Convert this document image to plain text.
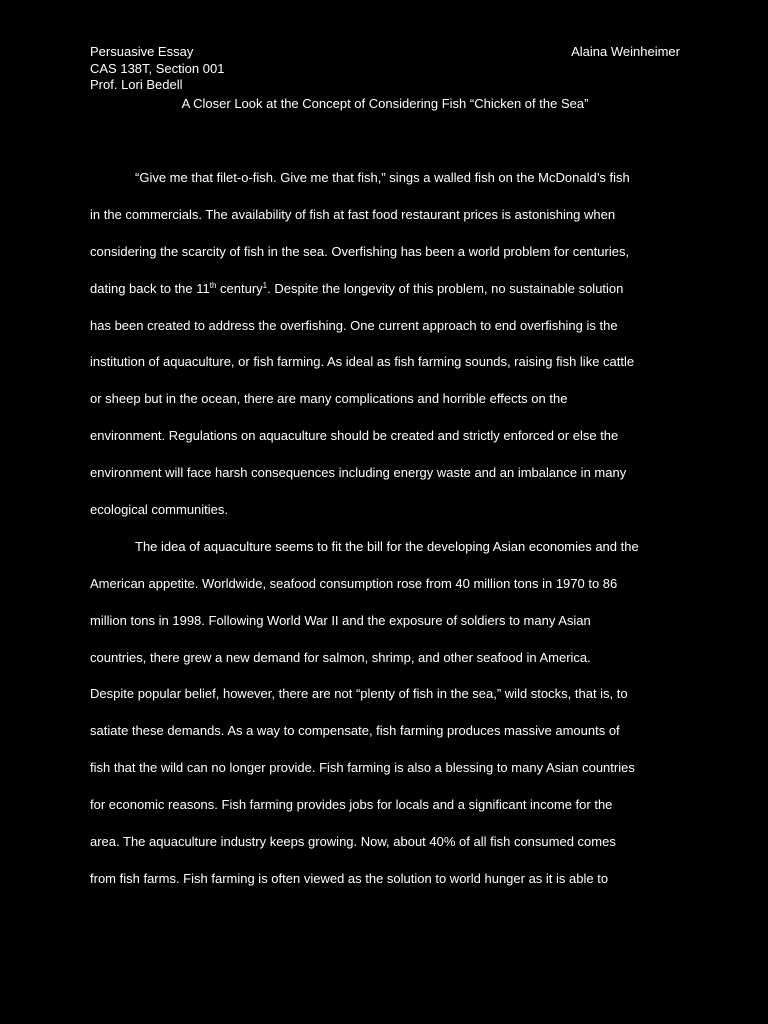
Persuasive Essay
CAS 138T, Section 001
Prof. Lori Bedell
Alaina Weinheimer
A Closer Look at the Concept of Considering Fish “Chicken of the Sea”
“Give me that filet-o-fish. Give me that fish,” sings a walled fish on the McDonald’s fish
in the commercials. The availability of fish at fast food restaurant prices is astonishing when
considering the scarcity of fish in the sea. Overfishing has been a world problem for centuries,
dating back to the 11th century$^1$. Despite the longevity of this problem, no sustainable solution
has been created to address the overfishing. One current approach to end overfishing is the
institution of aquaculture, or fish farming. As ideal as fish farming sounds, raising fish like cattle
or sheep but in the ocean, there are many complications and horrible effects on the
environment. Regulations on aquaculture should be created and strictly enforced or else the
environment will face harsh consequences including energy waste and an imbalance in many
ecological communities.
The idea of aquaculture seems to fit the bill for the developing Asian economies and the
American appetite. Worldwide, seafood consumption rose from 40 million tons in 1970 to 86
million tons in 1998. Following World War II and the exposure of soldiers to many Asian
countries, there grew a new demand for salmon, shrimp, and other seafood in America.
Despite popular belief, however, there are not “plenty of fish in the sea,” wild stocks, that is, to
satiate these demands. As a way to compensate, fish farming produces massive amounts of
fish that the wild can no longer provide. Fish farming is also a blessing to many Asian countries
for economic reasons. Fish farming provides jobs for locals and a significant income for the
area. The aquaculture industry keeps growing. Now, about 40% of all fish consumed comes
from fish farms. Fish farming is often viewed as the solution to world hunger as it is able to
